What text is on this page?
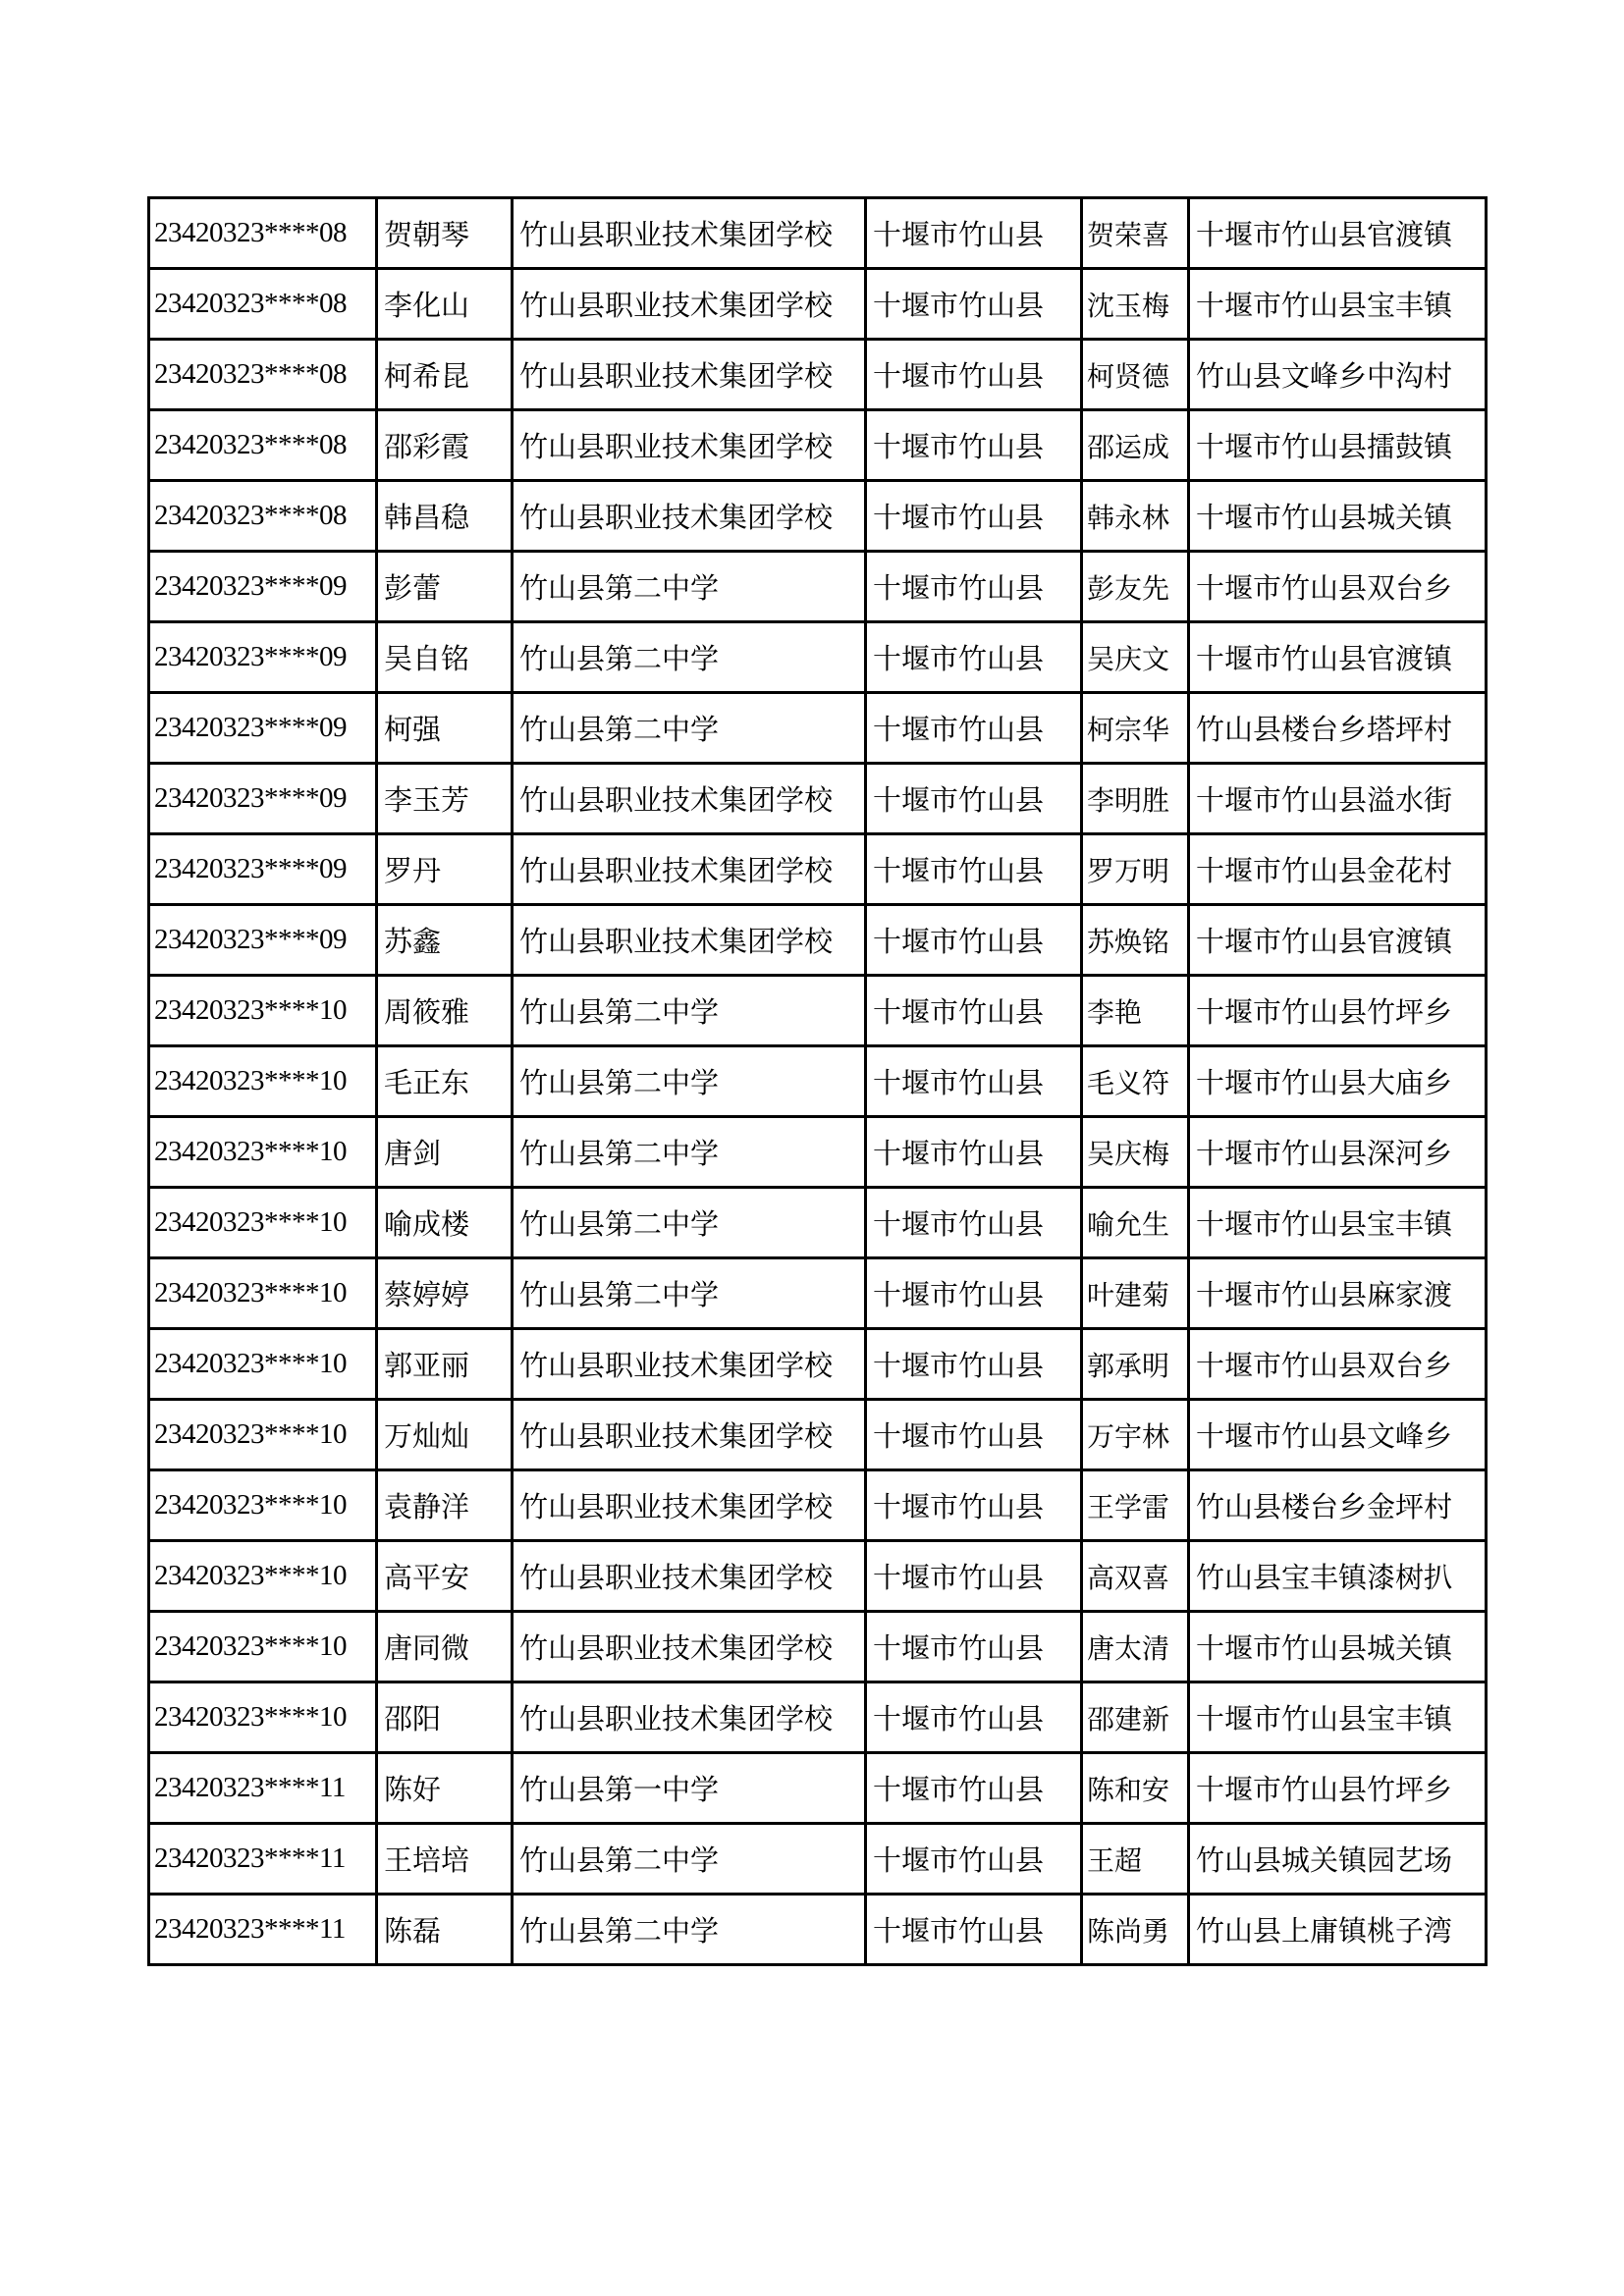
23420323****08	贺朝琴	竹山县职业技术集团学校	十堰市竹山县	贺荣喜	十堰市竹山县官渡镇
23420323****08	李化山	竹山县职业技术集团学校	十堰市竹山县	沈玉梅	十堰市竹山县宝丰镇
23420323****08	柯希昆	竹山县职业技术集团学校	十堰市竹山县	柯贤德	竹山县文峰乡中沟村
23420323****08	邵彩霞	竹山县职业技术集团学校	十堰市竹山县	邵运成	十堰市竹山县擂鼓镇
23420323****08	韩昌稳	竹山县职业技术集团学校	十堰市竹山县	韩永林	十堰市竹山县城关镇
23420323****09	彭蕾	竹山县第二中学	十堰市竹山县	彭友先	十堰市竹山县双台乡
23420323****09	吴自铭	竹山县第二中学	十堰市竹山县	吴庆文	十堰市竹山县官渡镇
23420323****09	柯强	竹山县第二中学	十堰市竹山县	柯宗华	竹山县楼台乡塔坪村
23420323****09	李玉芳	竹山县职业技术集团学校	十堰市竹山县	李明胜	十堰市竹山县溢水街
23420323****09	罗丹	竹山县职业技术集团学校	十堰市竹山县	罗万明	十堰市竹山县金花村
23420323****09	苏鑫	竹山县职业技术集团学校	十堰市竹山县	苏焕铭	十堰市竹山县官渡镇
23420323****10	周筱雅	竹山县第二中学	十堰市竹山县	李艳	十堰市竹山县竹坪乡
23420323****10	毛正东	竹山县第二中学	十堰市竹山县	毛义符	十堰市竹山县大庙乡
23420323****10	唐剑	竹山县第二中学	十堰市竹山县	吴庆梅	十堰市竹山县深河乡
23420323****10	喻成楼	竹山县第二中学	十堰市竹山县	喻允生	十堰市竹山县宝丰镇
23420323****10	蔡婷婷	竹山县第二中学	十堰市竹山县	叶建菊	十堰市竹山县麻家渡
23420323****10	郭亚丽	竹山县职业技术集团学校	十堰市竹山县	郭承明	十堰市竹山县双台乡
23420323****10	万灿灿	竹山县职业技术集团学校	十堰市竹山县	万宇林	十堰市竹山县文峰乡
23420323****10	袁静洋	竹山县职业技术集团学校	十堰市竹山县	王学雷	竹山县楼台乡金坪村
23420323****10	高平安	竹山县职业技术集团学校	十堰市竹山县	高双喜	竹山县宝丰镇漆树扒
23420323****10	唐同微	竹山县职业技术集团学校	十堰市竹山县	唐太清	十堰市竹山县城关镇
23420323****10	邵阳	竹山县职业技术集团学校	十堰市竹山县	邵建新	十堰市竹山县宝丰镇
23420323****11	陈好	竹山县第一中学	十堰市竹山县	陈和安	十堰市竹山县竹坪乡
23420323****11	王培培	竹山县第二中学	十堰市竹山县	王超	竹山县城关镇园艺场
23420323****11	陈磊	竹山县第二中学	十堰市竹山县	陈尚勇	竹山县上庸镇桃子湾
